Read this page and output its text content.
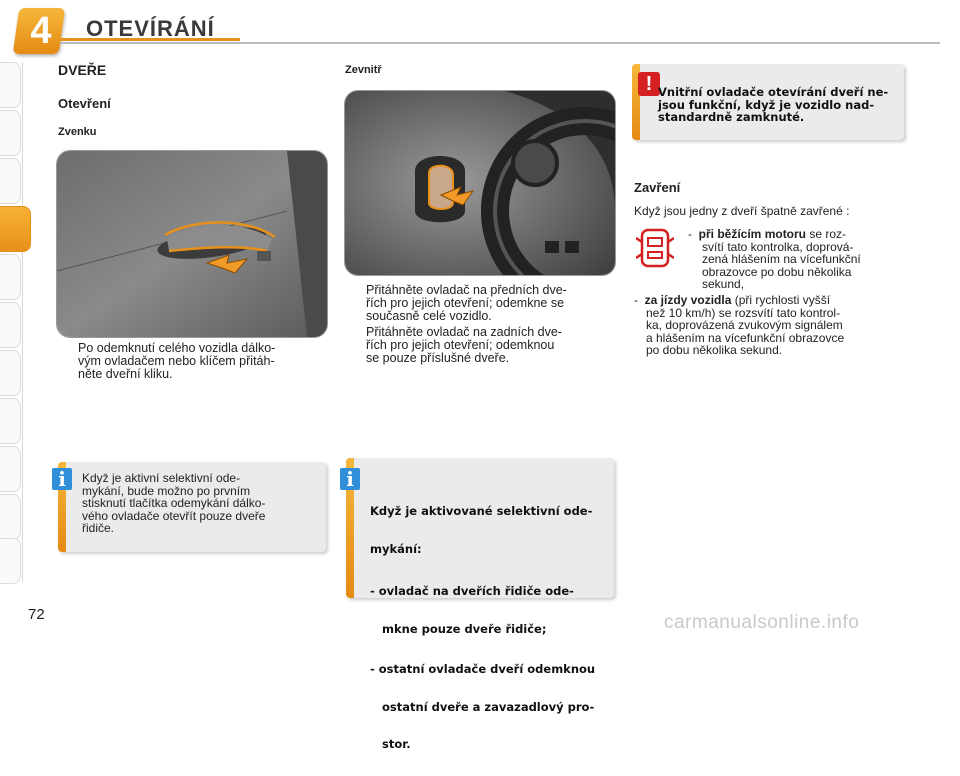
4 OTEVÍRÁNÍ
DVEŘE
Otevření
Zvenku
Po odemknutí celého vozidla dálko-
vým ovladačem nebo klíčem přitáh-
něte dveřní kliku.
i	Když je aktivní selektivní ode-
mykání, bude možno po prvním
stisknutí tlačítka odemykání dálko-
vého ovladače otevřít pouze dveře
řidiče.
Zevnitř
Přitáhněte ovladač na předních dve-
řích pro jejich otevření; odemkne se
současně celé vozidlo.
Přitáhněte ovladač na zadních dve-
řích pro jejich otevření; odemknou
se pouze příslušné dveře.
i

Když je aktivované selektivní ode-

mykání:

- ovladač na dveřích řidiče ode-

mkne pouze dveře řidiče;

- ostatní ovladače dveří odemknou

ostatní dveře a zavazadlový pro-

stor.

! Vnitřní ovladače otevírání dveří ne-
jsou funkční, když je vozidlo nad-
standardně zamknuté.
Zavření
Když jsou jedny z dveří špatně zavřené :
- při běžícím motoru se roz-
svítí tato kontrolka, doprová-
zená hlášením na vícefunkční
obrazovce po dobu několika
sekund,
- za jízdy vozidla (při rychlosti vyšší
než 10 km/h) se rozsvítí tato kontrol-
ka, doprovázená zvukovým signálem
a hlášením na vícefunkční obrazovce
po dobu několika sekund.
72	carmanualsonline.info
